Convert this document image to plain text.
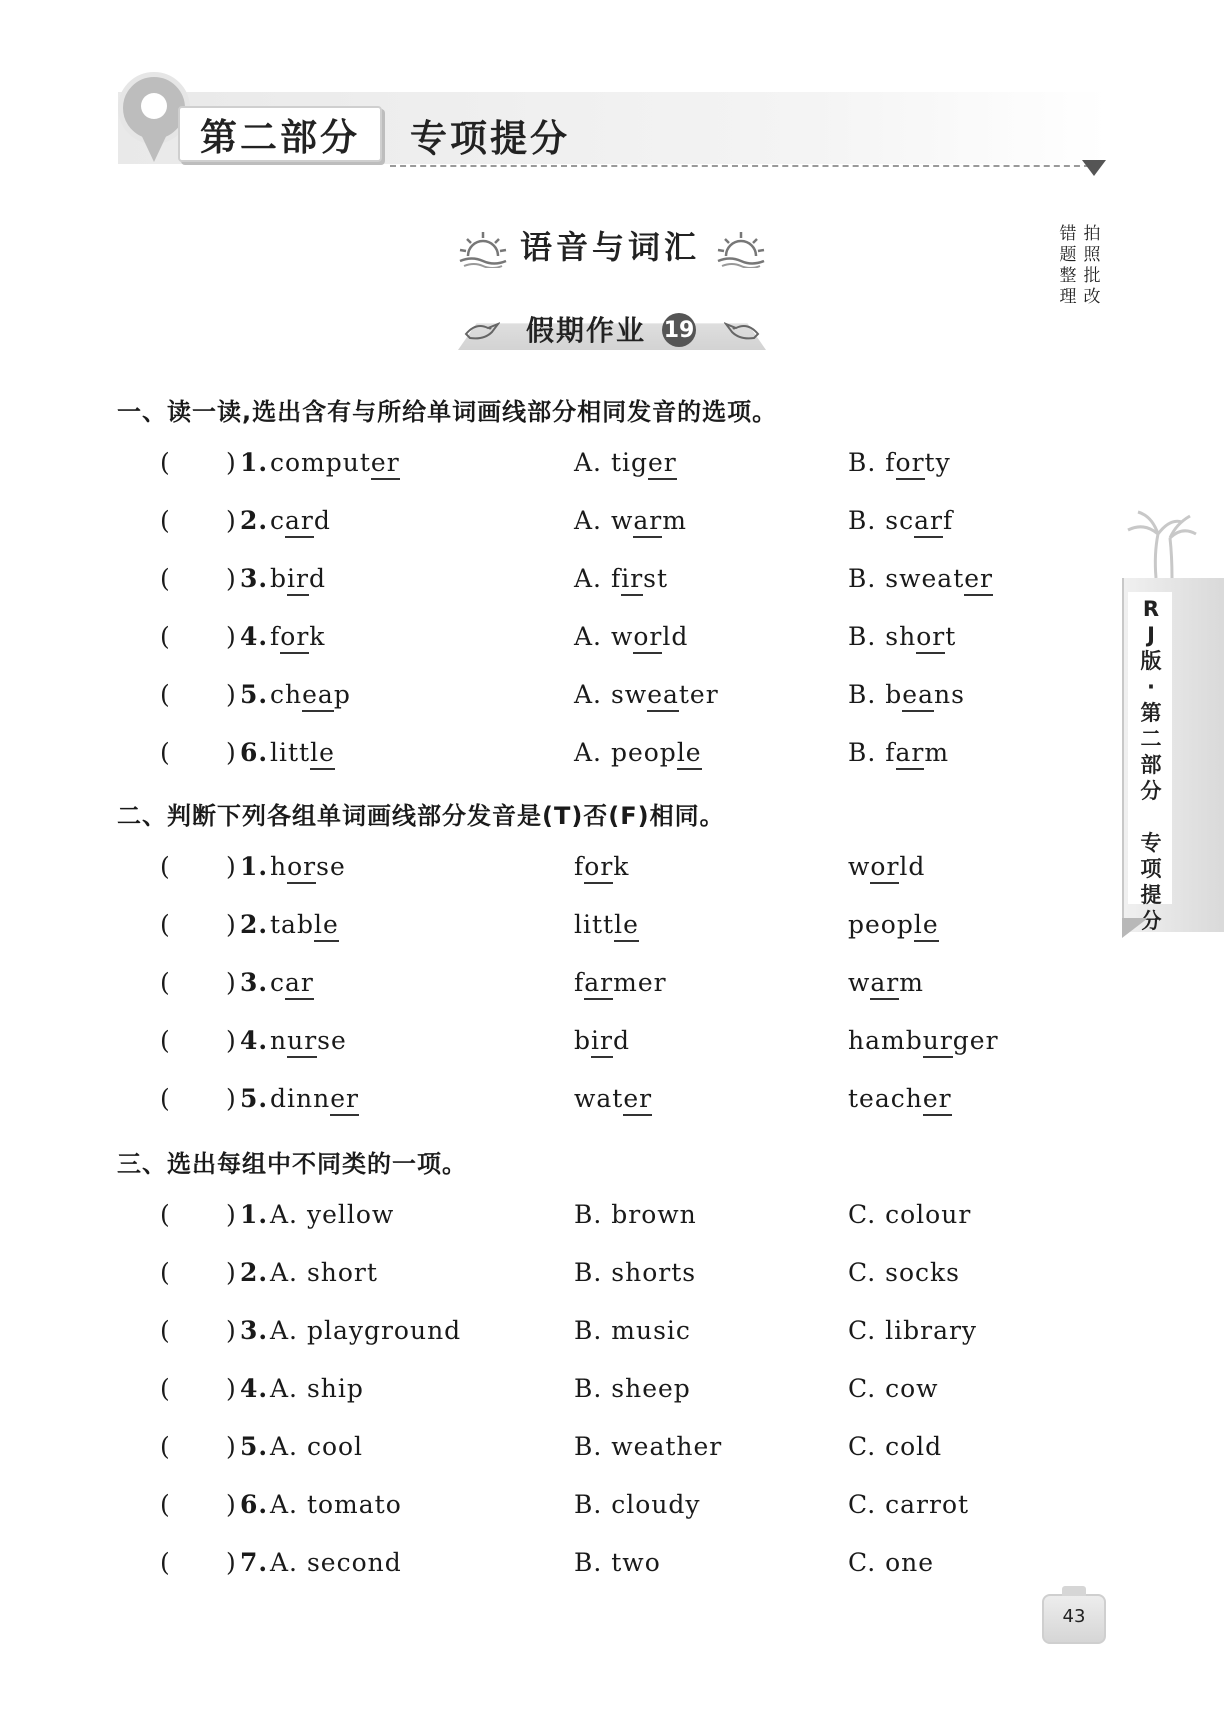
第二部分	专项提分
语音与词汇
假期作业 19
拍
照
批
改
错
题
整
理
R
J
版
·
第
二
部
分

专
项
提
分
一、读一读,选出含有与所给单词画线部分相同发音的选项。
( ) 1. computer	A. tiger	B. forty
( ) 2. card	A. warm	B. scarf
( ) 3. bird	A. first	B. sweater
( ) 4. fork	A. world	B. short
( ) 5. cheap	A. sweater	B. beans
( ) 6. little	A. people	B. farm
二、判断下列各组单词画线部分发音是(T)否(F)相同。
( ) 1. horse	fork	world
( ) 2. table	little	people
( ) 3. car	farmer	warm
( ) 4. nurse	bird	hamburger
( ) 5. dinner	water	teacher
三、选出每组中不同类的一项。
( ) 1. A. yellow	B. brown	C. colour
( ) 2. A. short	B. shorts	C. socks
( ) 3. A. playground	B. music	C. library
( ) 4. A. ship	B. sheep	C. cow
( ) 5. A. cool	B. weather	C. cold
( ) 6. A. tomato	B. cloudy	C. carrot
( ) 7. A. second	B. two	C. one
43
